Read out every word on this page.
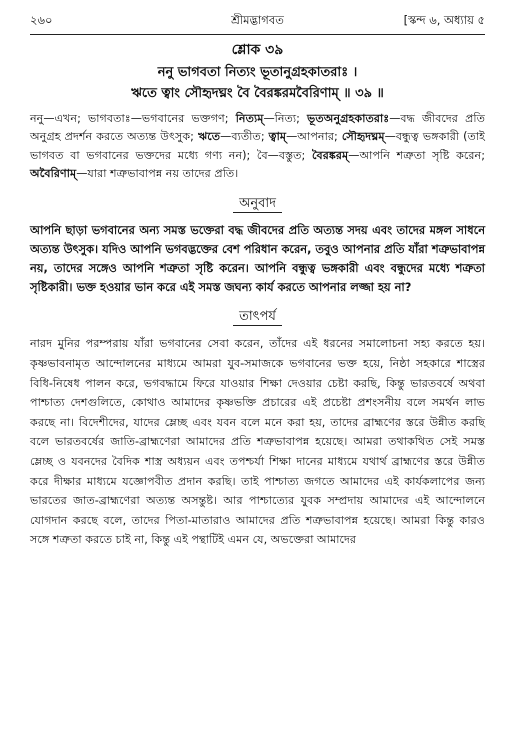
২৬০	শ্রীমদ্ভাগবত	[স্কন্দ ৬, অধ্যায় ৫
শ্লোক ৩৯
ননু ভাগবতা নিত্যং ভূতানুগ্রহকাতরাঃ ।
ঋতে ত্বাং সৌহৃদঘ্নং বৈ বৈরঙ্করমবৈরিণাম্ ॥ ৩৯ ॥
ননু—এখন; ভাগবতাঃ—ভগবানের ভক্তগণ; নিত্যম্—নিত্য; ভূতঅনুগ্রহকাতরাঃ—বদ্ধ জীবদের প্রতি অনুগ্রহ প্রদর্শন করতে অত্যন্ত উৎসুক; ঋতে—ব্যতীত; ত্বাম্—আপনার; সৌহৃদঘ্নম্—বন্ধুত্ব ভঙ্গকারী (তাই ভাগবত বা ভগবানের ভক্তদের মধ্যে গণ্য নন); বৈ—বস্তুত; বৈরঙ্করম্—আপনি শত্রুতা সৃষ্টি করেন; অবৈরিণাম্—যারা শত্রুভাবাপন্ন নয় তাদের প্রতি।
অনুবাদ
আপনি ছাড়া ভগবানের অন্য সমস্ত ভক্তেরা বদ্ধ জীবদের প্রতি অত্যন্ত সদয় এবং তাদের মঙ্গল সাধনে অত্যন্ত উৎসুক। যদিও আপনি ভগবদ্ভক্তের বেশ পরিধান করেন, তবুও আপনার প্রতি যাঁরা শত্রুভাবাপন্ন নয়, তাদের সঙ্গেও আপনি শত্রুতা সৃষ্টি করেন। আপনি বন্ধুত্ব ভঙ্গকারী এবং বন্ধুদের মধ্যে শত্রুতা সৃষ্টিকারী। ভক্ত হওয়ার ভান করে এই সমস্ত জঘন্য কার্য করতে আপনার লজ্জা হয় না?
তাৎপর্য

নারদ মুনির পরম্পরায় যাঁরা ভগবানের সেবা করেন, তাঁদের এই ধরনের সমালোচনা সহ্য করতে হয়। কৃষ্ণভাবনামৃত আন্দোলনের মাধ্যমে আমরা যুব-সমাজকে ভগবানের ভক্ত হয়ে, নিষ্ঠা সহকারে শাস্ত্রের বিধি-নিষেধ পালন করে, ভগবদ্ধামে ফিরে যাওয়ার শিক্ষা দেওয়ার চেষ্টা করছি, কিন্তু ভারতবর্ষে অথবা পাশ্চাত্য দেশগুলিতে, কোথাও আমাদের কৃষ্ণভক্তি প্রচারের এই প্রচেষ্টা প্রশংসনীয় বলে সমর্থন লাভ করছে না। বিদেশীদের, যাদের ম্লেচ্ছ এবং যবন বলে মনে করা হয়, তাদের ব্রাহ্মণের স্তরে উন্নীত করছি বলে ভারতবর্ষের জাতি-ব্রাহ্মণেরা আমাদের প্রতি শত্রুভাবাপন্ন হয়েছে। আমরা তথাকথিত সেই সমস্ত ম্লেচ্ছ ও যবনদের বৈদিক শাস্ত্র অধ্যয়ন এবং তপশ্চর্যা শিক্ষা দানের মাধ্যমে যথার্থ ব্রাহ্মণের স্তরে উন্নীত করে দীক্ষার মাধ্যমে যজ্ঞোপবীত প্রদান করছি। তাই পাশ্চাত্য জগতে আমাদের এই কার্যকলাপের জন্য ভারতের জাত-ব্রাহ্মণেরা অত্যন্ত অসন্তুষ্ট। আর পাশ্চাত্যের যুবক সম্প্রদায় আমাদের এই আন্দোলনে যোগদান করছে বলে, তাদের পিতা-মাতারাও আমাদের প্রতি শত্রুভাবাপন্ন হয়েছে। আমরা কিন্তু কারও সঙ্গে শত্রুতা করতে চাই না, কিন্তু এই পন্থাটিই এমন যে, অভক্তেরা আমাদের
